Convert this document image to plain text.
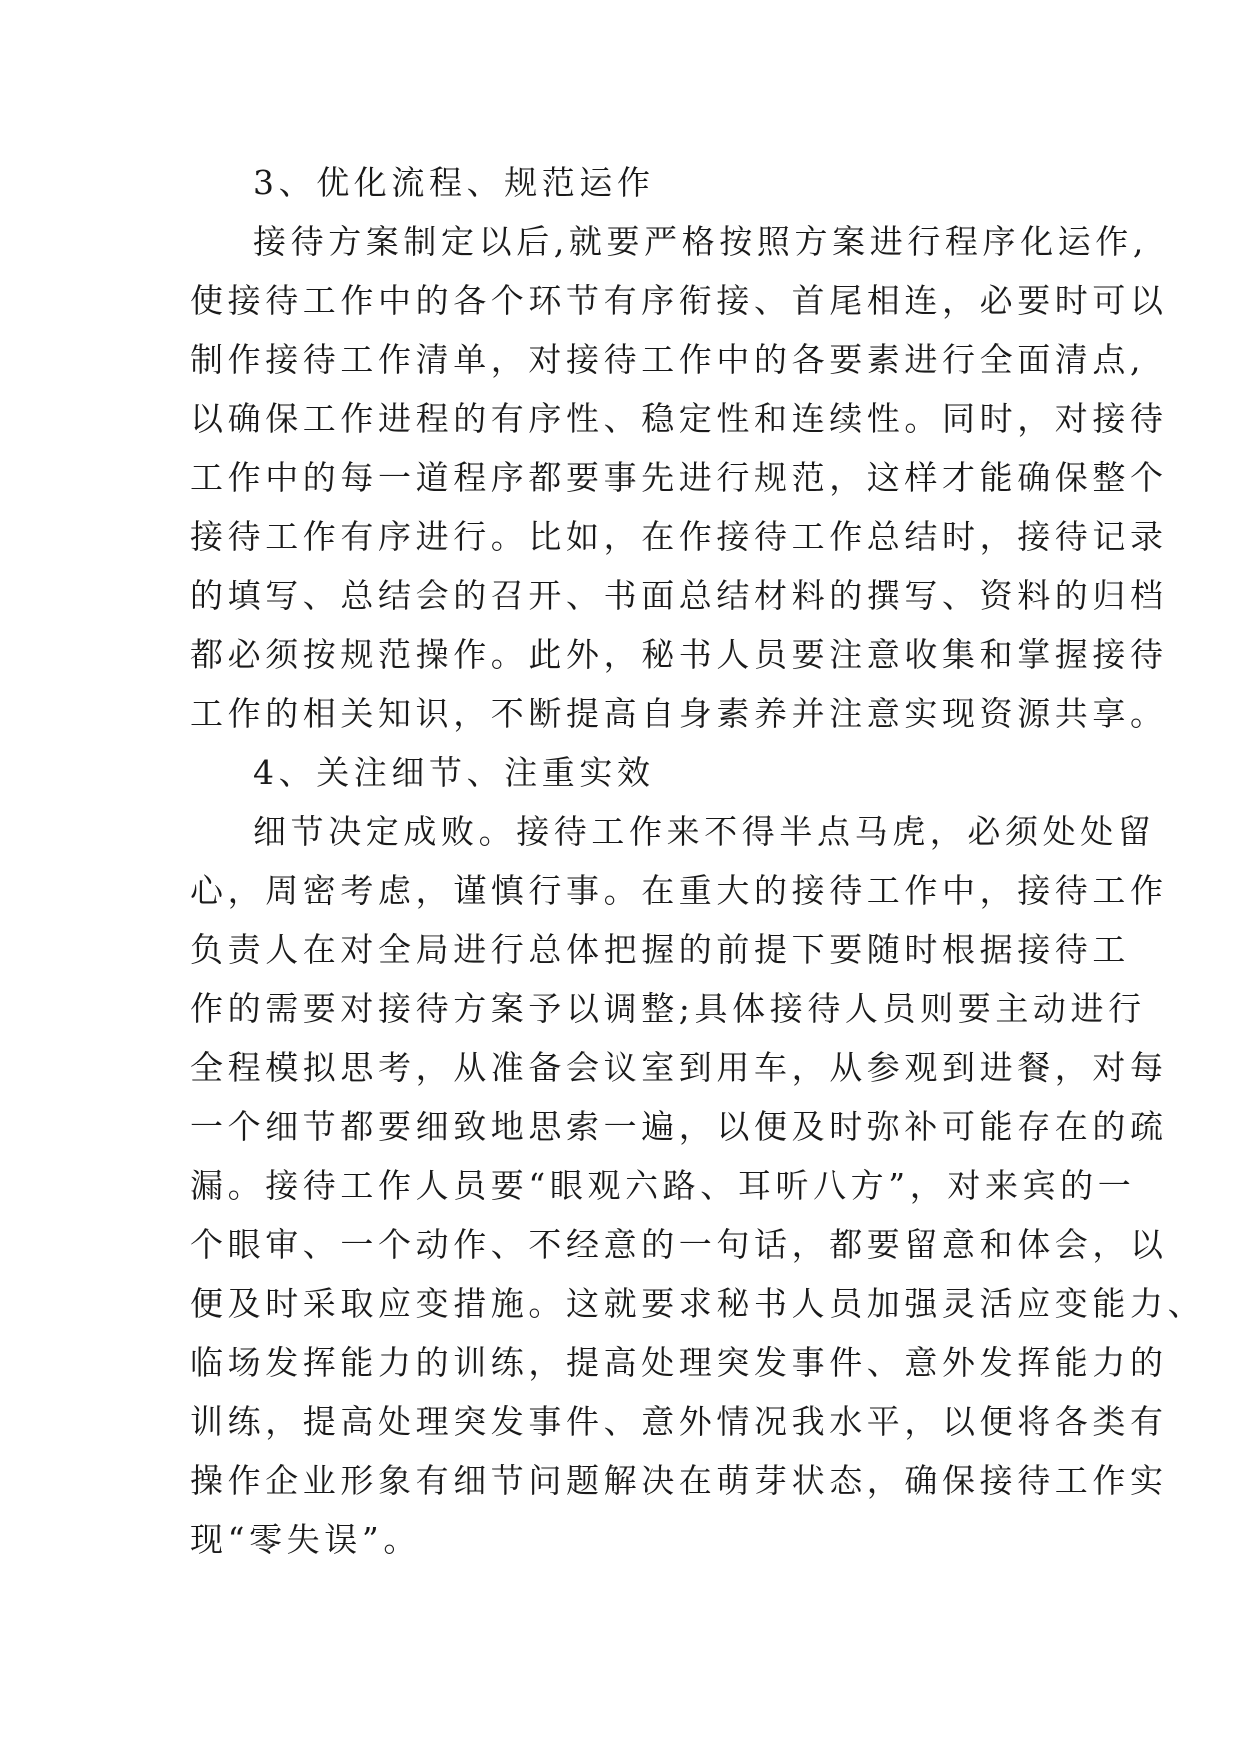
3、优化流程、规范运作
接待方案制定以后,就要严格按照方案进行程序化运作,
使接待工作中的各个环节有序衔接、首尾相连，必要时可以
制作接待工作清单，对接待工作中的各要素进行全面清点,
以确保工作进程的有序性、稳定性和连续性。同时，对接待
工作中的每一道程序都要事先进行规范，这样才能确保整个
接待工作有序进行。比如，在作接待工作总结时，接待记录
的填写、总结会的召开、书面总结材料的撰写、资料的归档
都必须按规范操作。此外，秘书人员要注意收集和掌握接待
工作的相关知识，不断提高自身素养并注意实现资源共享。
4、关注细节、注重实效
细节决定成败。接待工作来不得半点马虎，必须处处留
心，周密考虑，谨慎行事。在重大的接待工作中，接待工作
负责人在对全局进行总体把握的前提下要随时根据接待工
作的需要对接待方案予以调整;具体接待人员则要主动进行
全程模拟思考，从准备会议室到用车，从参观到进餐，对每
一个细节都要细致地思索一遍，以便及时弥补可能存在的疏
漏。接待工作人员要“眼观六路、耳听八方”，对来宾的一
个眼审、一个动作、不经意的一句话，都要留意和体会，以
便及时采取应变措施。这就要求秘书人员加强灵活应变能力、
临场发挥能力的训练，提高处理突发事件、意外发挥能力的
训练，提高处理突发事件、意外情况我水平，以便将各类有
操作企业形象有细节问题解决在萌芽状态，确保接待工作实
现“零失误”。
